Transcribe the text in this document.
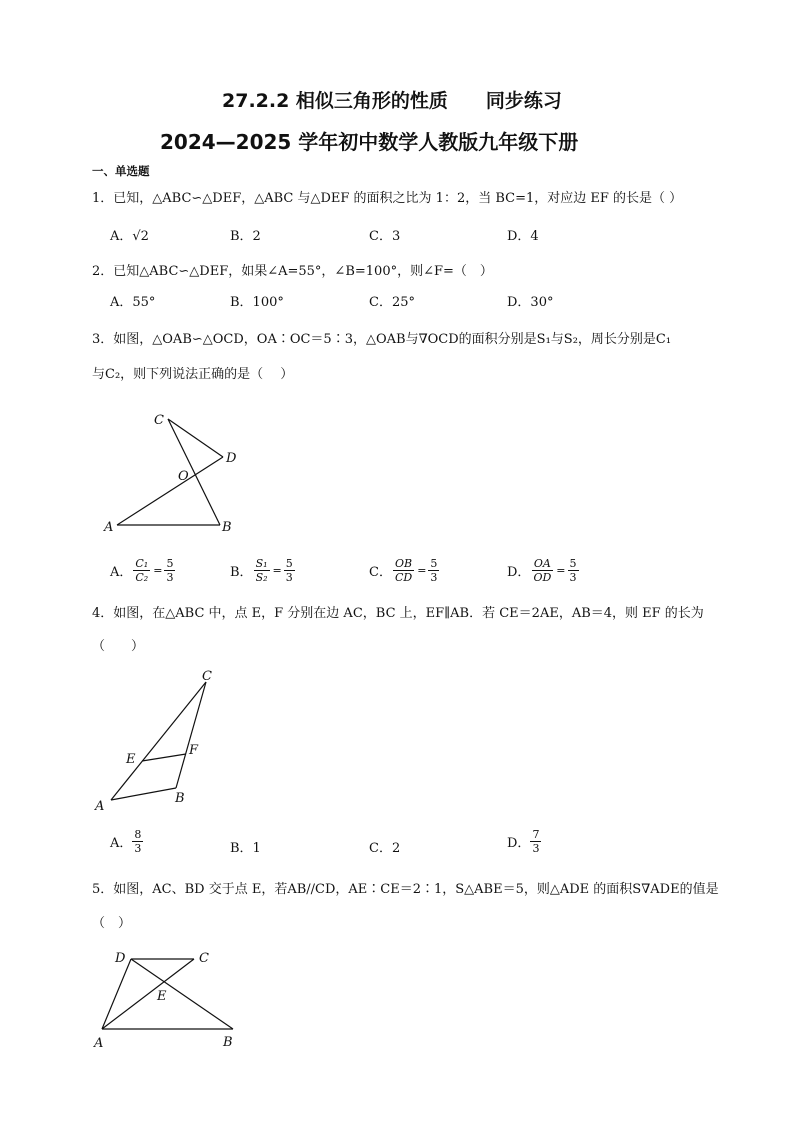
27.2.2 相似三角形的性质　　同步练习
2024—2025 学年初中数学人教版九年级下册
一、单选题
1．已知，△ABC∽△DEF，△ABC 与△DEF 的面积之比为 1：2，当 BC=1，对应边 EF 的长是（ ）
A．√2	B．2	C．3	D．4
2．已知△ABC∽△DEF，如果∠A=55°，∠B=100°，则∠F=（　）
A．55°	B．100°	C．25°	D．30°
3．如图，△OAB∽△OCD，OA∶OC＝5∶3，△OAB与∇OCD的面积分别是S₁与S₂，周长分别是C₁
与C₂，则下列说法正确的是（　 ）
C
D
O
A	B
A． $\frac{\text{C₁}}{\text{C₂}} = \frac{5}{3}$	B． $\frac{\text{S₁}}{\text{S₂}} = \frac{5}{3}$	C． $\frac{OB}{CD} = \frac{5}{3}$	D． $\frac{OA}{OD} = \frac{5}{3}$
4．如图，在△ABC 中，点 E，F 分别在边 AC，BC 上，EF∥AB．若 CE＝2AE，AB＝4，则 EF 的长为
（　　）
C
F
E
A
B
A． $\frac{8}{3}$	B．1	C．2	D． $\frac{7}{3}$
5．如图，AC、BD 交于点 E，若AB//CD，AE∶CE＝2∶1，S△ABE＝5，则△ADE 的面积S∇ADE的值是
（　）
D	C
E
A	B
